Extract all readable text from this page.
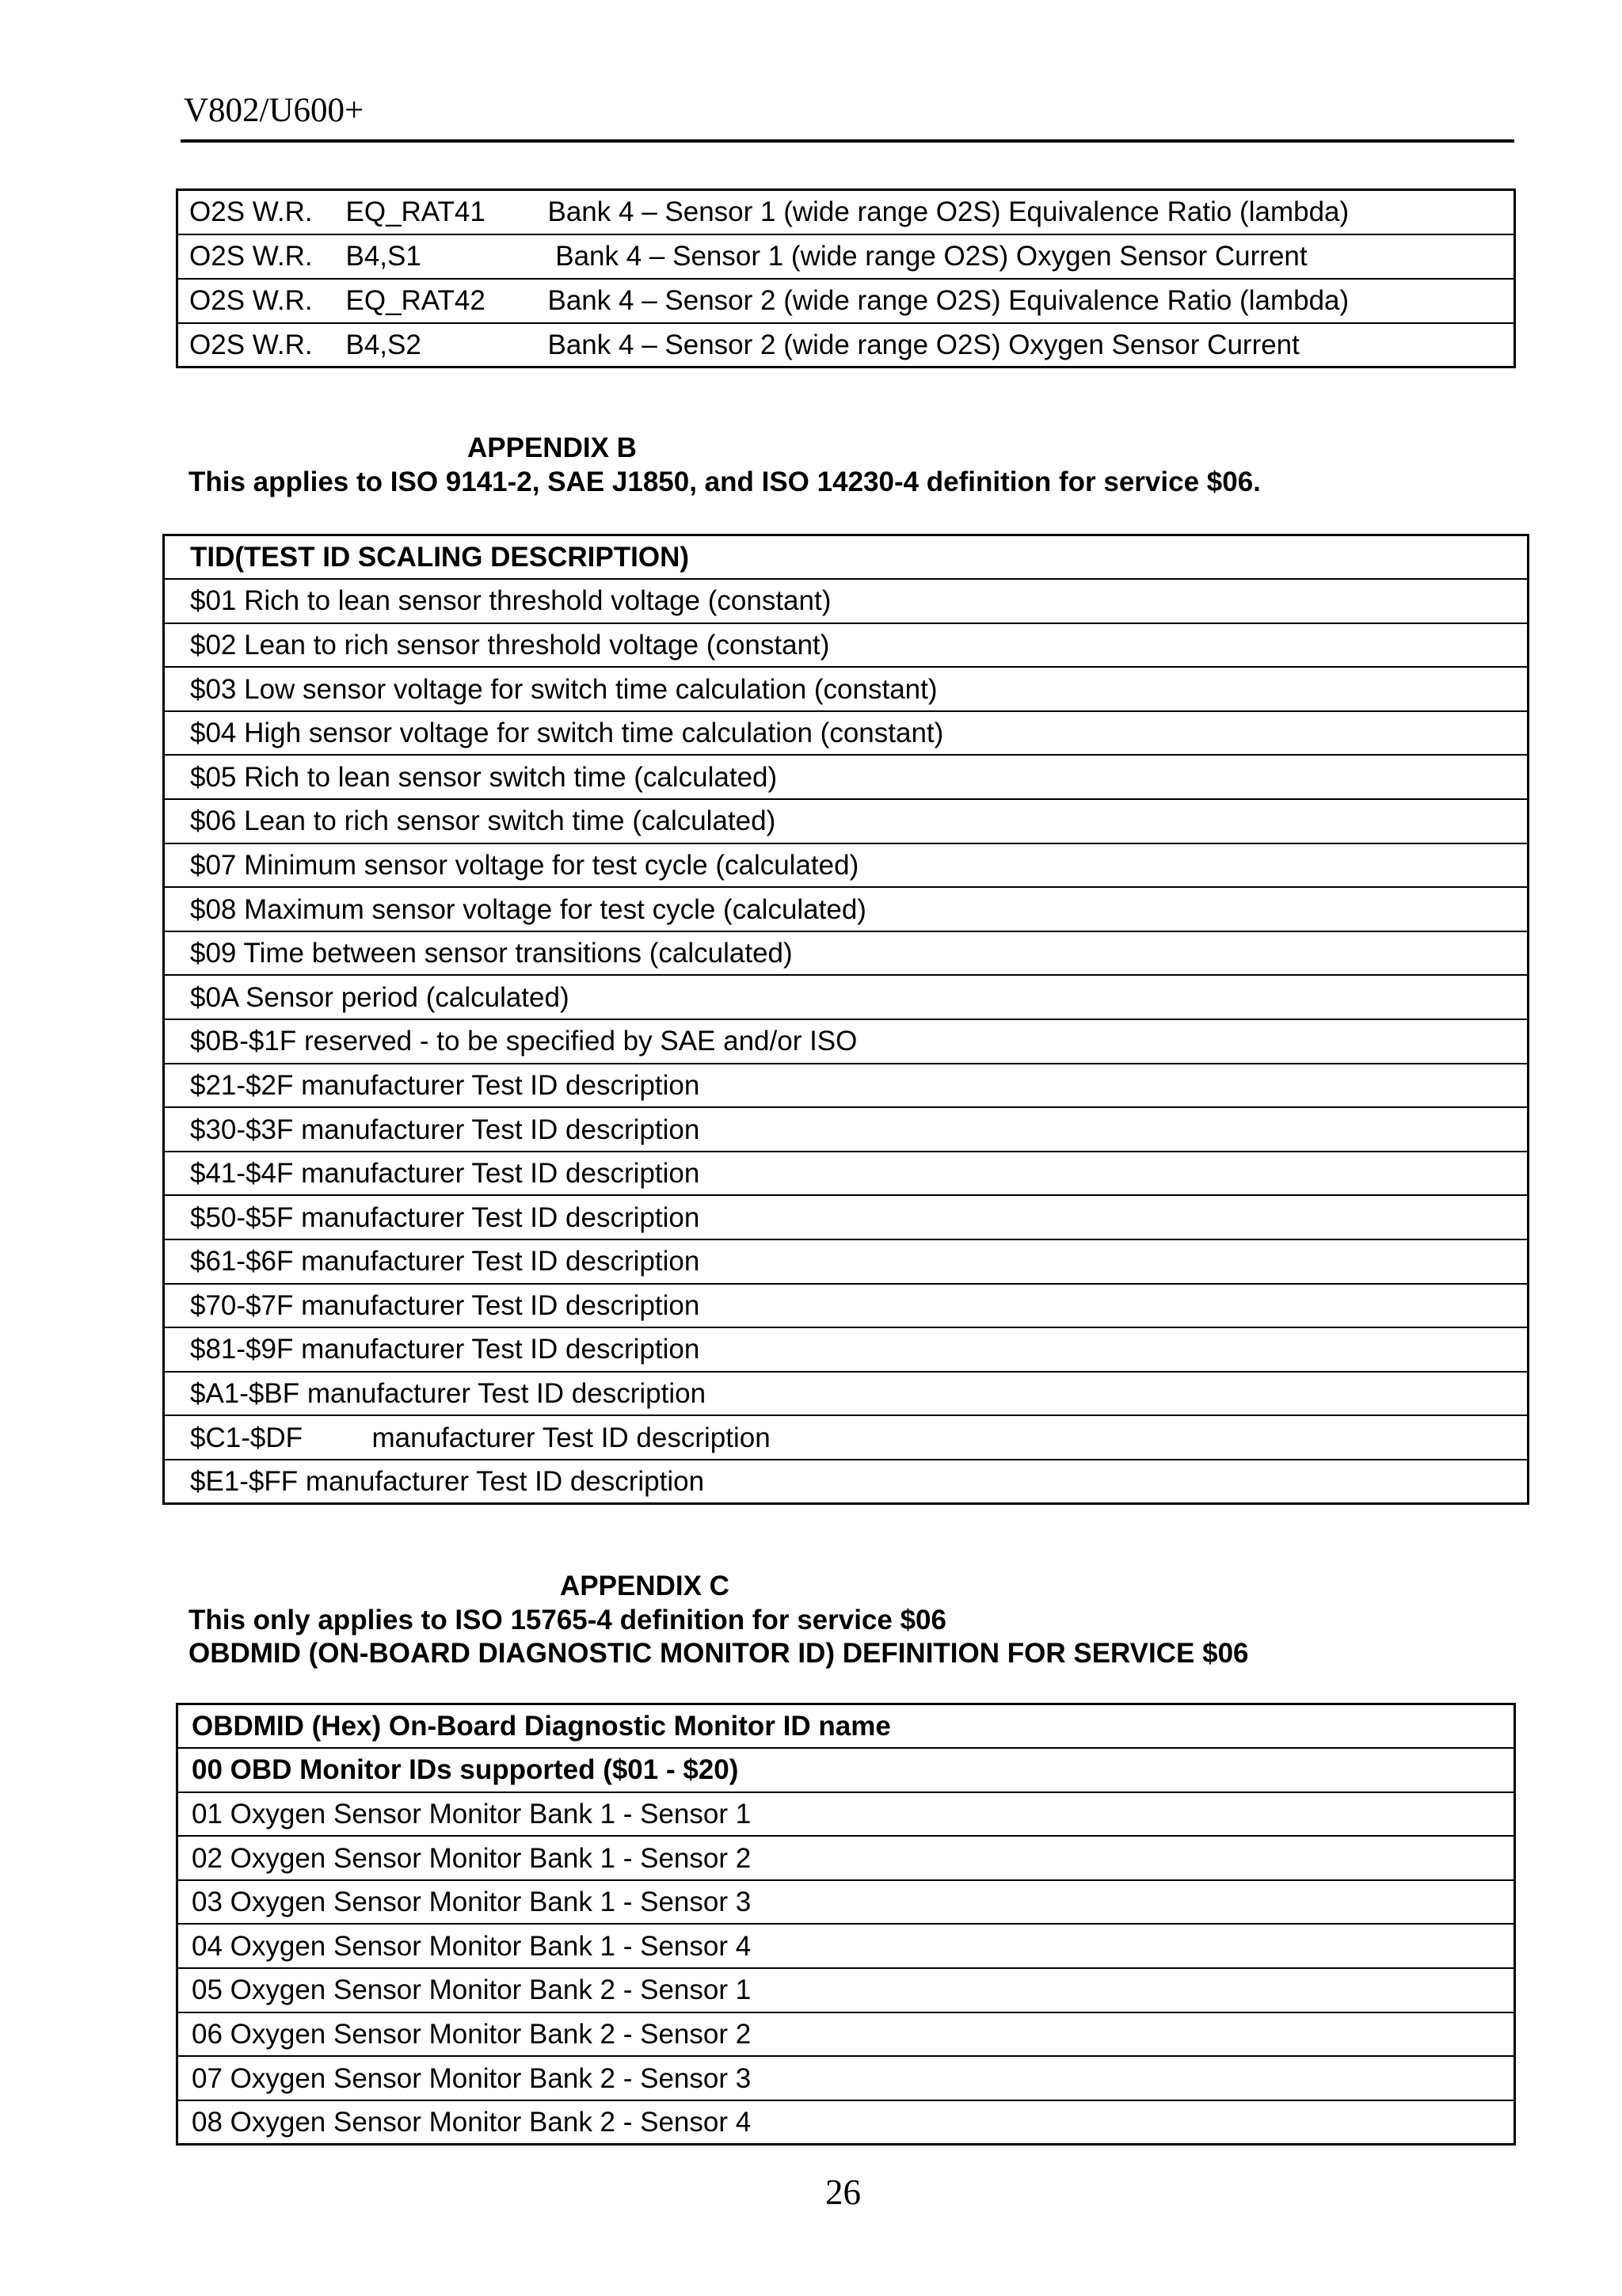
V802/U600+
O2S W.R.	EQ_RAT41	Bank 4 – Sensor 1 (wide range O2S) Equivalence Ratio (lambda)
O2S W.R.	B4,S1	Bank 4 – Sensor 1 (wide range O2S) Oxygen Sensor Current
O2S W.R.	EQ_RAT42	Bank 4 – Sensor 2 (wide range O2S) Equivalence Ratio (lambda)
O2S W.R.	B4,S2	Bank 4 – Sensor 2 (wide range O2S) Oxygen Sensor Current
APPENDIX B
This applies to ISO 9141-2, SAE J1850, and ISO 14230-4 definition for service $06.
TID(TEST ID SCALING DESCRIPTION)
$01 Rich to lean sensor threshold voltage (constant)
$02 Lean to rich sensor threshold voltage (constant)
$03 Low sensor voltage for switch time calculation (constant)
$04 High sensor voltage for switch time calculation (constant)
$05 Rich to lean sensor switch time (calculated)
$06 Lean to rich sensor switch time (calculated)
$07 Minimum sensor voltage for test cycle (calculated)
$08 Maximum sensor voltage for test cycle (calculated)
$09 Time between sensor transitions (calculated)
$0A Sensor period (calculated)
$0B-$1F reserved - to be specified by SAE and/or ISO
$21-$2F manufacturer Test ID description
$30-$3F manufacturer Test ID description
$41-$4F manufacturer Test ID description
$50-$5F manufacturer Test ID description
$61-$6F manufacturer Test ID description
$70-$7F manufacturer Test ID description
$81-$9F manufacturer Test ID description
$A1-$BF manufacturer Test ID description
$C1-$DF         manufacturer Test ID description
$E1-$FF manufacturer Test ID description
APPENDIX C
This only applies to ISO 15765-4 definition for service $06
OBDMID (ON-BOARD DIAGNOSTIC MONITOR ID) DEFINITION FOR SERVICE $06
OBDMID (Hex) On-Board Diagnostic Monitor ID name
00 OBD Monitor IDs supported ($01 - $20)
01 Oxygen Sensor Monitor Bank 1 - Sensor 1
02 Oxygen Sensor Monitor Bank 1 - Sensor 2
03 Oxygen Sensor Monitor Bank 1 - Sensor 3
04 Oxygen Sensor Monitor Bank 1 - Sensor 4
05 Oxygen Sensor Monitor Bank 2 - Sensor 1
06 Oxygen Sensor Monitor Bank 2 - Sensor 2
07 Oxygen Sensor Monitor Bank 2 - Sensor 3
08 Oxygen Sensor Monitor Bank 2 - Sensor 4
26
